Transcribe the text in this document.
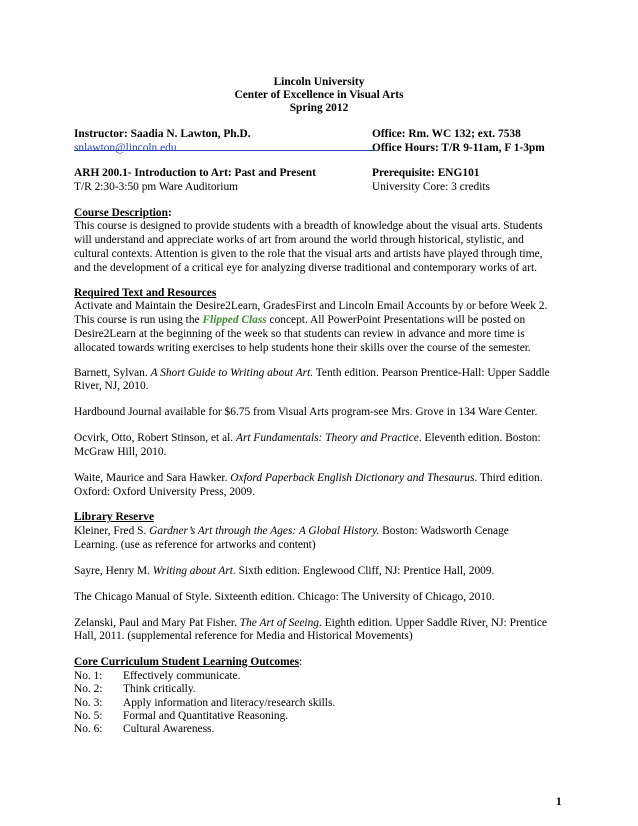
Lincoln University
Center of Excellence in Visual Arts
Spring 2012
Instructor: Saadia N. Lawton, Ph.D.	Office: Rm. WC 132; ext. 7538
snlawton@lincoln.edu	Office Hours: T/R 9-11am, F 1-3pm
ARH 200.1- Introduction to Art: Past and Present	Prerequisite: ENG101
T/R 2:30-3:50 pm Ware Auditorium	University Core: 3 credits
Course Description:
This course is designed to provide students with a breadth of knowledge about the visual arts. Students
will understand and appreciate works of art from around the world through historical, stylistic, and
cultural contexts. Attention is given to the role that the visual arts and artists have played through time,
and the development of a critical eye for analyzing diverse traditional and contemporary works of art.
Required Text and Resources
Activate and Maintain the Desire2Learn, GradesFirst and Lincoln Email Accounts by or before Week 2.
This course is run using the Flipped Class concept. All PowerPoint Presentations will be posted on
Desire2Learn at the beginning of the week so that students can review in advance and more time is
allocated towards writing exercises to help students hone their skills over the course of the semester.
Barnett, Sylvan. A Short Guide to Writing about Art. Tenth edition. Pearson Prentice-Hall: Upper Saddle
River, NJ, 2010.
Hardbound Journal available for $6.75 from Visual Arts program-see Mrs. Grove in 134 Ware Center.
Ocvirk, Otto, Robert Stinson, et al. Art Fundamentals: Theory and Practice. Eleventh edition. Boston:
McGraw Hill, 2010.
Waite, Maurice and Sara Hawker. Oxford Paperback English Dictionary and Thesaurus. Third edition.
Oxford: Oxford University Press, 2009.
Library Reserve
Kleiner, Fred S. Gardner’s Art through the Ages: A Global History. Boston: Wadsworth Cenage
Learning. (use as reference for artworks and content)
Sayre, Henry M. Writing about Art. Sixth edition. Englewood Cliff, NJ: Prentice Hall, 2009.
The Chicago Manual of Style. Sixteenth edition. Chicago: The University of Chicago, 2010.
Zelanski, Paul and Mary Pat Fisher. The Art of Seeing. Eighth edition. Upper Saddle River, NJ: Prentice
Hall, 2011. (supplemental reference for Media and Historical Movements)
Core Curriculum Student Learning Outcomes:
No. 1: Effectively communicate.
No. 2: Think critically.
No. 3: Apply information and literacy/research skills.
No. 5: Formal and Quantitative Reasoning.
No. 6: Cultural Awareness.
1
